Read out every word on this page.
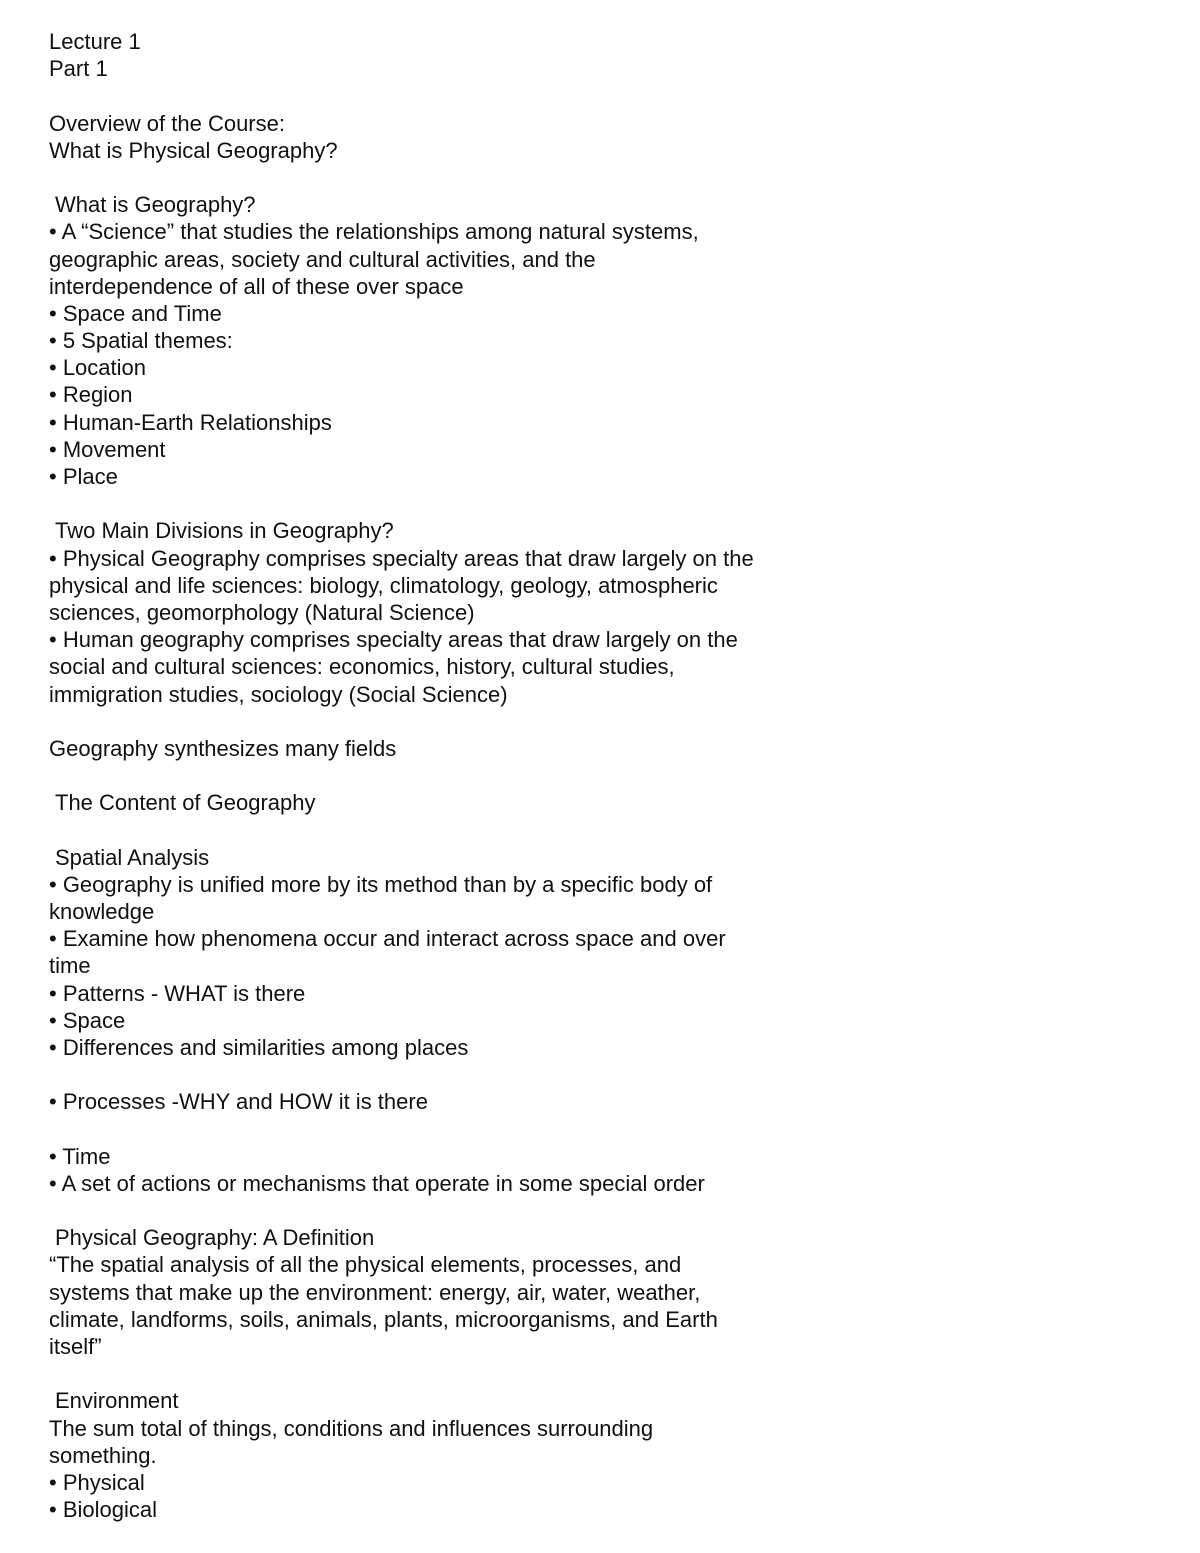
Lecture 1
Part 1
Overview of the Course:
What is Physical Geography?
What is Geography?
• A “Science” that studies the relationships among natural systems,
geographic areas, society and cultural activities, and the
interdependence of all of these over space
• Space and Time
• 5 Spatial themes:
• Location
• Region
• Human-Earth Relationships
• Movement
• Place
Two Main Divisions in Geography?
• Physical Geography comprises specialty areas that draw largely on the
physical and life sciences: biology, climatology, geology, atmospheric
sciences, geomorphology (Natural Science)
• Human geography comprises specialty areas that draw largely on the
social and cultural sciences: economics, history, cultural studies,
immigration studies, sociology (Social Science)
Geography synthesizes many fields
The Content of Geography
Spatial Analysis
• Geography is unified more by its method than by a specific body of
knowledge
• Examine how phenomena occur and interact across space and over
time
• Patterns - WHAT is there
• Space
• Differences and similarities among places
• Processes -WHY and HOW it is there
• Time
• A set of actions or mechanisms that operate in some special order
Physical Geography: A Definition
“The spatial analysis of all the physical elements, processes, and
systems that make up the environment: energy, air, water, weather,
climate, landforms, soils, animals, plants, microorganisms, and Earth
itself”
Environment
The sum total of things, conditions and influences surrounding
something.
• Physical
• Biological
